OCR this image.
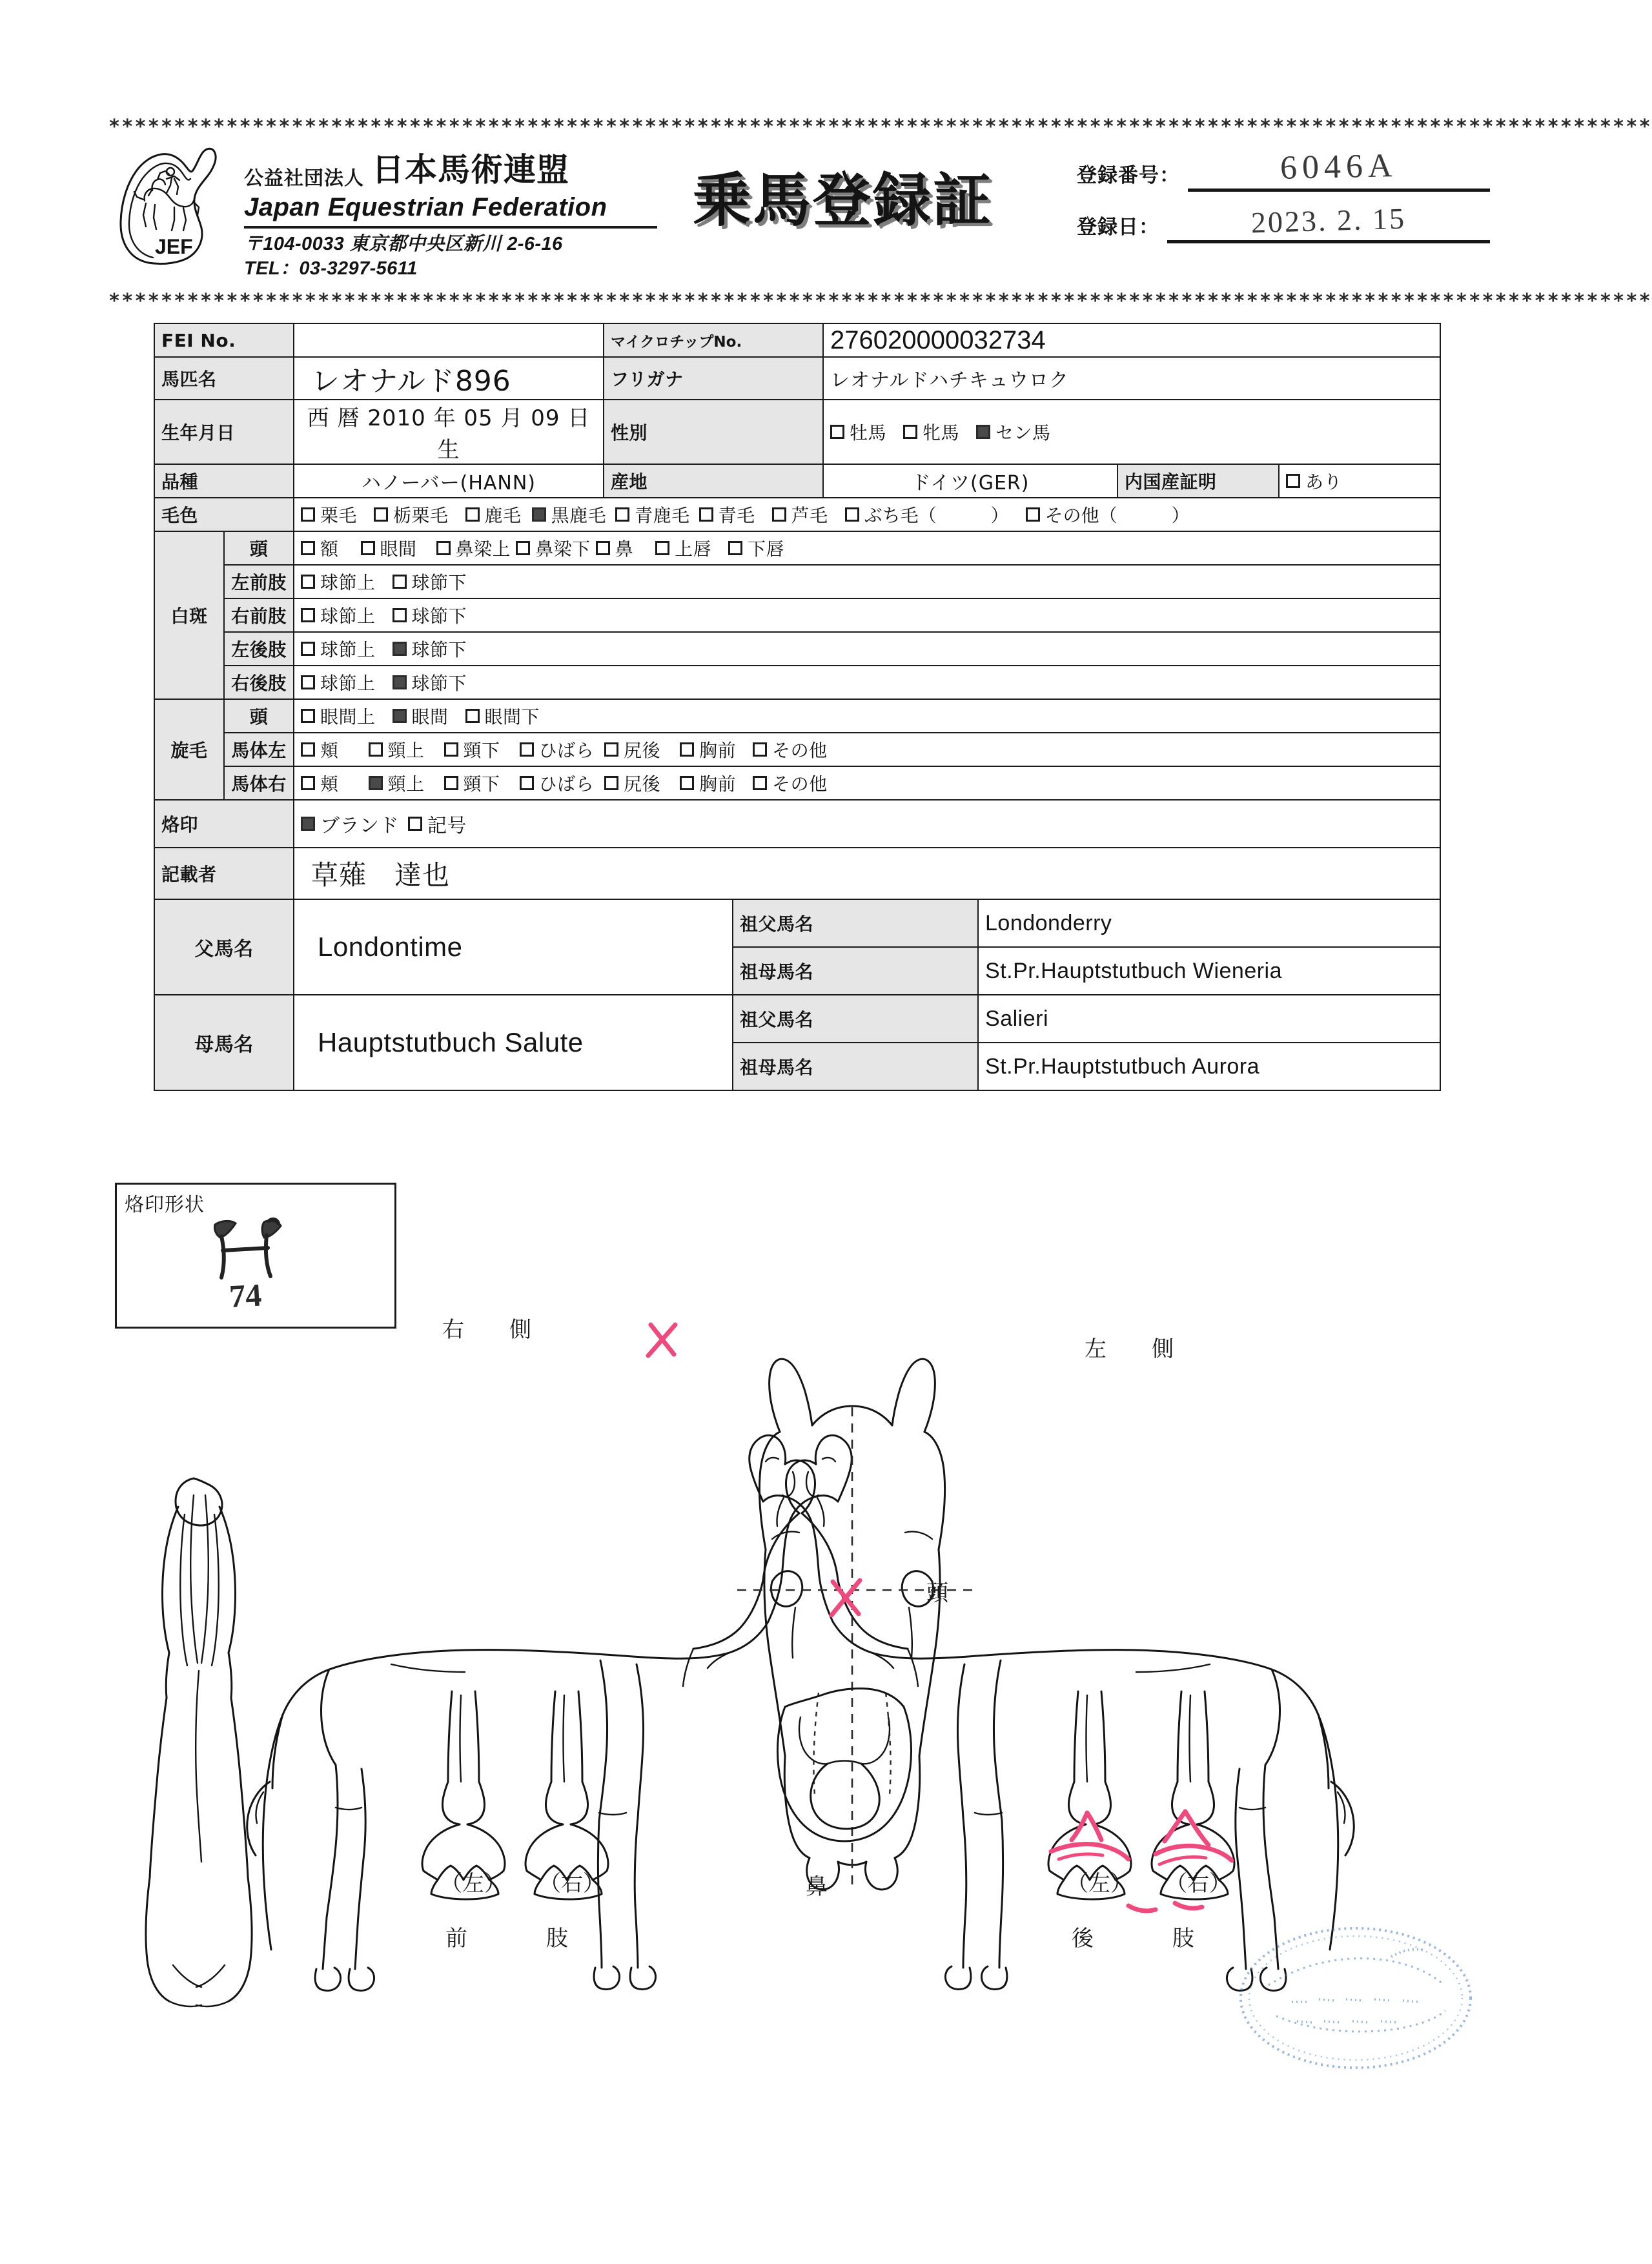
**********************************************************************************************************************
**********************************************************************************************************************
JEF
公益社団法人 日本馬術連盟
Japan Equestrian Federation
〒104-0033 東京都中央区新川 2-6-16
TEL：03-3297-5611
乗馬登録証	登録番号：	6046A
登録日：	2023. 2. 15
FEI No.			マイクロチップNo.		276020000032734			
馬匹名		レオナルド896	フリガナ		レオナルドハチキュウロク			
生年月日		西 暦 2010 年 05 月 09 日 生	性別		牡馬 牝馬 セン馬			

品種		ハノーバー(HANN)	産地		ドイツ(GER)		内国産証明	あり

毛色	栗毛 栃栗毛 鹿毛 黒鹿毛 青鹿毛 青毛 芦毛 ぶち毛（　　　） その他（　　　）

白斑	頭	額 眼間 鼻梁上 鼻梁下 鼻 上唇 下唇

	左前肢	球節上 球節下						

	右前肢	球節上 球節下						

	左後肢	球節上 球節下						

	右後肢	球節上 球節下						

旋毛	頭	眼間上 眼間 眼間下						

馬体左	頬	頸上 頸下 ひばら 尻後 胸前 その他

馬体右	頬	頸上 頸下 ひばら 尻後 胸前 その他

烙印		ブランド 記号						

記載者		草薙　達也						
父馬名		Londontime		祖父馬名		Londonderry		
				祖母馬名		St.Pr.Hauptstutbuch Wieneria		
母馬名		Hauptstutbuch Salute		祖父馬名		Salieri		
				祖母馬名		St.Pr.Hauptstutbuch Aurora		
烙印形状
74
右　側
左　側
頭
鼻
（左） （右）
前　　肢
（左） （右）
後　　肢
